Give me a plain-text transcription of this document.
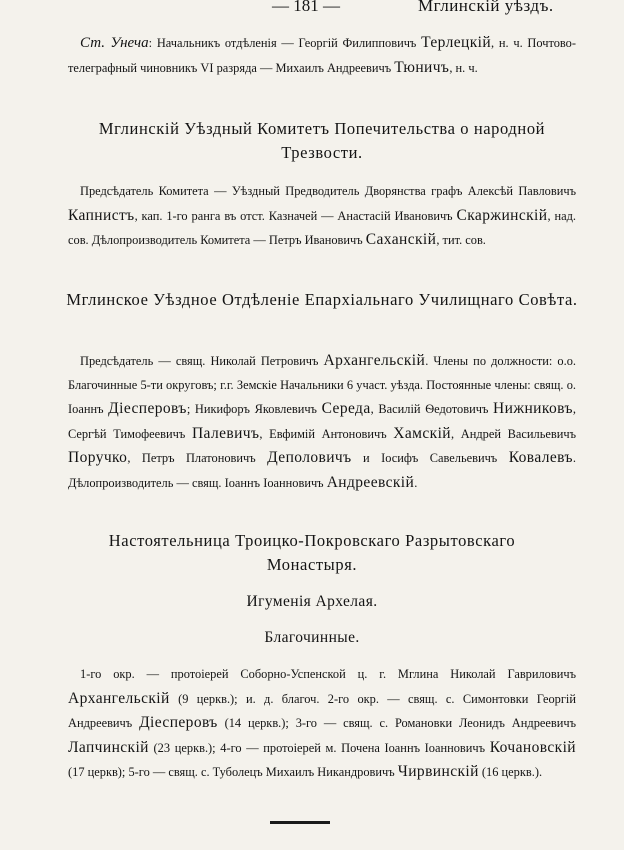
— 181 —	Мглинскій уѣздъ.
Ст. Унеча: Начальникъ отдѣленія — Георгій Филипповичъ Терлецкій, н. ч. Почтово-телеграфный чиновникъ VI разряда — Михаилъ Андреевичъ Тюничъ, н. ч.
Мглинскій Уѣздный Комитетъ Попечительства о народной Трезвости.
Предсѣдатель Комитета — Уѣздный Предводитель Дворянства графъ Алексѣй Павловичъ Капнистъ, кап. 1-го ранга въ отст. Казначей — Анастасій Ивановичъ Скаржинскій, над. сов. Дѣлопроизводитель Комитета — Петръ Ивановичъ Саханскій, тит. сов.
Мглинское Уѣздное Отдѣленіе Епархіальнаго Училищнаго Совѣта.
Предсѣдатель — свящ. Николай Петровичъ Архангельскій. Члены по должности: о.о. Благочинные 5-ти округовъ; г.г. Земскіе Начальники 6 участ. уѣзда. Постоянные члены: свящ. о. Іоаннъ Діесперовъ; Никифоръ Яковлевичъ Середа, Василій Ѳедотовичъ Нижниковъ, Сергѣй Тимофеевичъ Палевичъ, Евфимій Антоновичъ Хамскій, Андрей Васильевичъ Поручко, Петръ Платоновичъ Деполовичъ и Іосифъ Савельевичъ Ковалевъ. Дѣлопроизводитель — свящ. Іоаннъ Іоанновичъ Андреевскій.
Настоятельница Троицко-Покровскаго Разрытовскаго Монастыря.
Игуменія Архелая.
Благочинные.
1-го окр. — протоіерей Соборно-Успенской ц. г. Мглина Николай Гавриловичъ Архангельскій (9 церкв.); и. д. благоч. 2-го окр. — свящ. с. Симонтовки Георгій Андреевичъ Діесперовъ (14 церкв.); 3-го — свящ. с. Романовки Леонидъ Андреевичъ Лапчинскій (23 церкв.); 4-го — протоіерей м. Почена Іоаннъ Іоанновичъ Кочановскій (17 церкв); 5-го — свящ. с. Туболецъ Михаилъ Никандровичъ Чирвинскій (16 церкв.).
